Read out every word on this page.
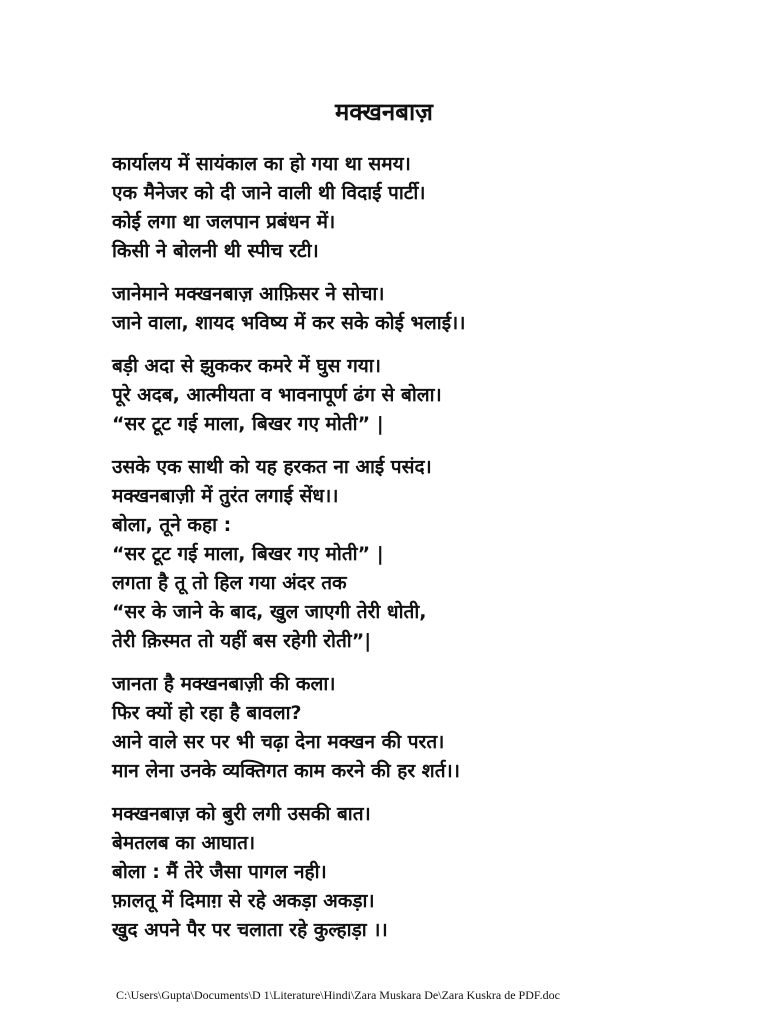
मक्खनबाज़

कार्यालय में सायंकाल का हो गया था समय।

एक मैनेजर को दी जाने वाली थी विदाई पार्टी।

कोई लगा था जलपान प्रबंधन में।

किसी ने बोलनी थी स्पीच रटी।

जानेमाने मक्खनबाज़ आफ़िसर ने सोचा।

जाने वाला, शायद भविष्य में कर सके कोई भलाई।।

बड़ी अदा से झुककर कमरे में घुस गया।

पूरे अदब, आत्मीयता व भावनापूर्ण ढंग से बोला।

“सर टूट गई माला, बिखर गए मोती” |

उसके एक साथी को यह हरकत ना आई पसंद।

मक्खनबाज़ी में तुरंत लगाई सेंध।।

बोला, तूने कहा :

“सर टूट गई माला, बिखर गए मोती” |

लगता है तू तो हिल गया अंदर तक

“सर के जाने के बाद, खुल जाएगी तेरी धोती,

तेरी क़िस्मत तो यहीं बस रहेगी रोती”|

जानता है मक्खनबाज़ी की कला।

फिर क्यों हो रहा है बावला?

आने वाले सर पर भी चढ़ा देना मक्खन की परत।

मान लेना उनके व्यक्तिगत काम करने की हर शर्त।।

मक्खनबाज़ को बुरी लगी उसकी बात।

बेमतलब का आघात।

बोला : मैं तेरे जैसा पागल नही।

फ़ालतू में दिमाग़ से रहे अकड़ा अकड़ा।

खुद अपने पैर पर चलाता रहे कुल्हाड़ा ।।

C:\Users\Gupta\Documents\D 1\Literature\Hindi\Zara Muskara De\Zara Kuskra de PDF.doc
